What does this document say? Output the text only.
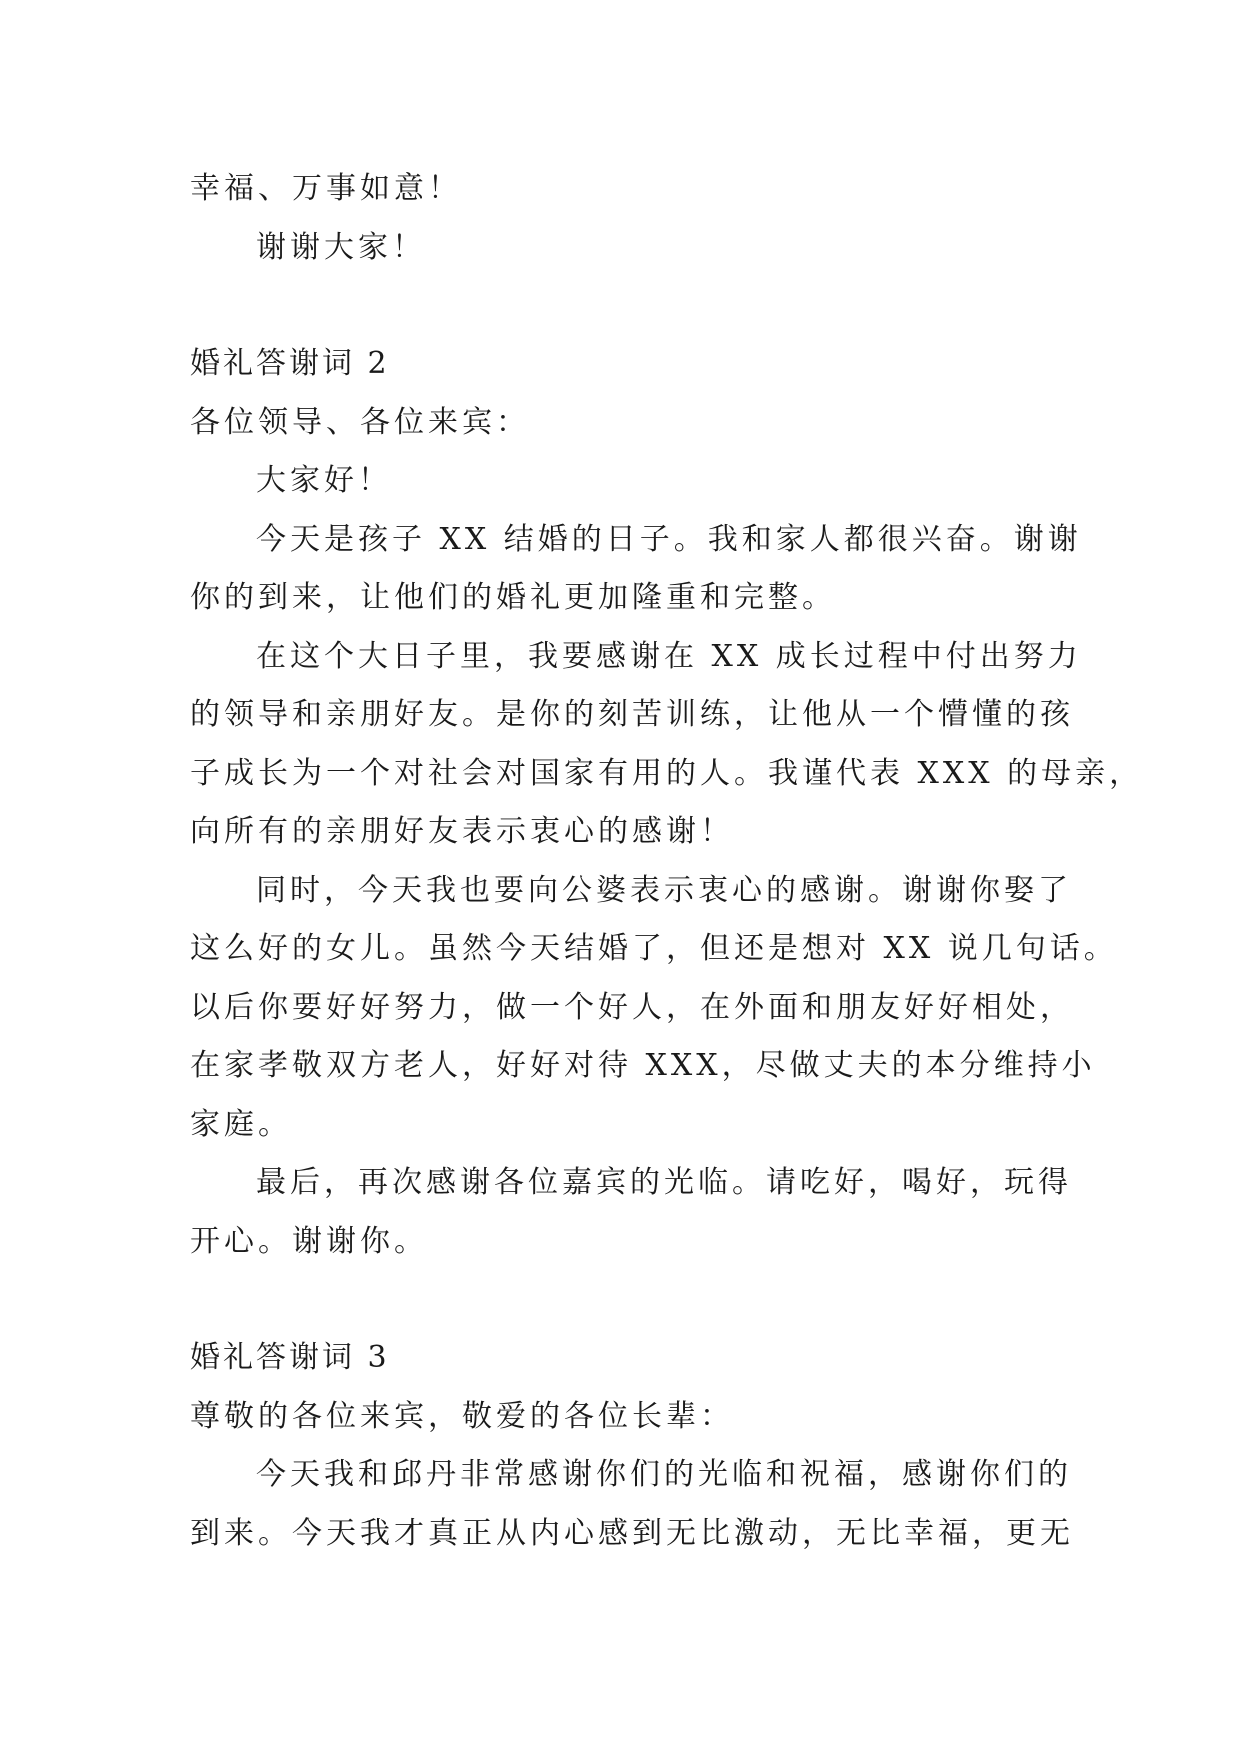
幸福、万事如意！

谢谢大家！

婚礼答谢词 2

各位领导、各位来宾：

大家好！

今天是孩子 XX 结婚的日子。我和家人都很兴奋。谢谢

你的到来，让他们的婚礼更加隆重和完整。

在这个大日子里，我要感谢在 XX 成长过程中付出努力

的领导和亲朋好友。是你的刻苦训练，让他从一个懵懂的孩

子成长为一个对社会对国家有用的人。我谨代表 XXX 的母亲，

向所有的亲朋好友表示衷心的感谢！

同时，今天我也要向公婆表示衷心的感谢。谢谢你娶了

这么好的女儿。虽然今天结婚了，但还是想对 XX 说几句话。

以后你要好好努力，做一个好人，在外面和朋友好好相处，

在家孝敬双方老人，好好对待 XXX，尽做丈夫的本分维持小

家庭。

最后，再次感谢各位嘉宾的光临。请吃好，喝好，玩得

开心。谢谢你。

婚礼答谢词 3

尊敬的各位来宾，敬爱的各位长辈：

今天我和邱丹非常感谢你们的光临和祝福，感谢你们的

到来。今天我才真正从内心感到无比激动，无比幸福，更无
